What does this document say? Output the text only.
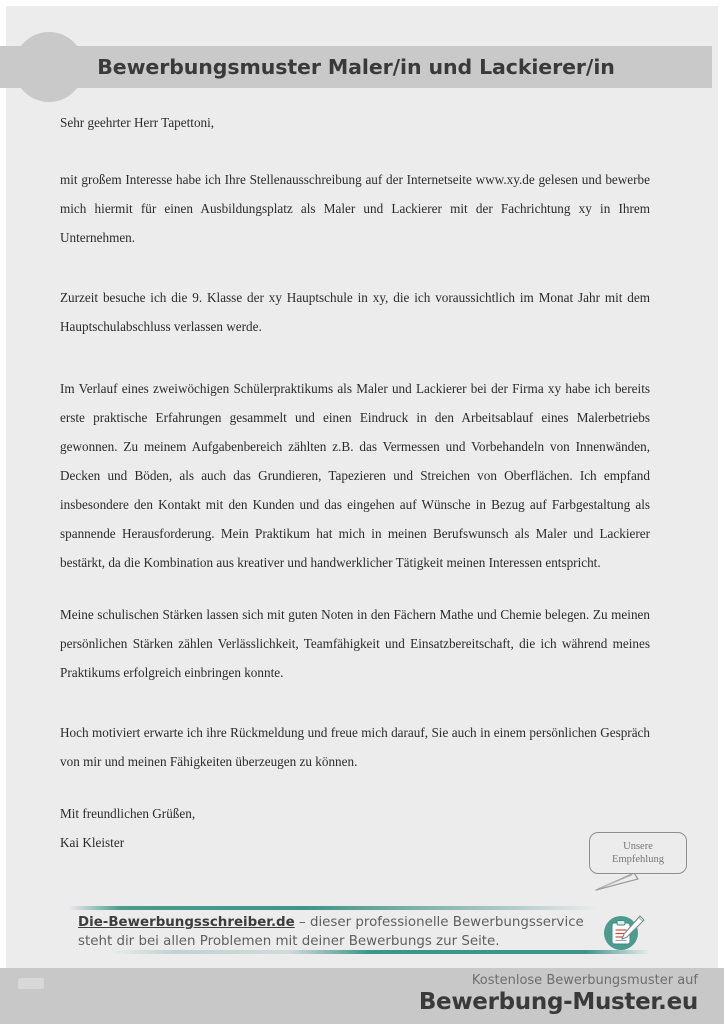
Bewerbungsmuster Maler/in und Lackierer/in

Sehr geehrter Herr Tapettoni,

mit großem Interesse habe ich Ihre Stellenausschreibung auf der Internetseite www.xy.de gelesen und bewerbe mich hiermit für einen Ausbildungsplatz als Maler und Lackierer mit der Fachrichtung xy in Ihrem Unternehmen.

Zurzeit besuche ich die 9. Klasse der xy Hauptschule in xy, die ich voraussichtlich im Monat Jahr mit dem Hauptschulabschluss verlassen werde.

Im Verlauf eines zweiwöchigen Schülerpraktikums als Maler und Lackierer bei der Firma xy habe ich bereits erste praktische Erfahrungen gesammelt und einen Eindruck in den Arbeitsablauf eines Malerbetriebs gewonnen. Zu meinem Aufgabenbereich zählten z.B. das Vermessen und Vorbehandeln von Innenwänden, Decken und Böden, als auch das Grundieren, Tapezieren und Streichen von Oberflächen. Ich empfand insbesondere den Kontakt mit den Kunden und das eingehen auf Wünsche in Bezug auf Farbgestaltung als spannende Herausforderung. Mein Praktikum hat mich in meinen Berufswunsch als Maler und Lackierer bestärkt, da die Kombination aus kreativer und handwerklicher Tätigkeit meinen Interessen entspricht.

Meine schulischen Stärken lassen sich mit guten Noten in den Fächern Mathe und Chemie belegen. Zu meinen persönlichen Stärken zählen Verlässlichkeit, Teamfähigkeit und Einsatzbereitschaft, die ich während meines Praktikums erfolgreich einbringen konnte.

Hoch motiviert erwarte ich ihre Rückmeldung und freue mich darauf, Sie auch in einem persönlichen Gespräch von mir und meinen Fähigkeiten überzeugen zu können.

Mit freundlichen Grüßen,

Kai Kleister	Unsere
Empfehlung
Die-Bewerbungsschreiber.de – dieser professionelle Bewerbungsservice steht dir bei allen Problemen mit deiner Bewerbungs zur Seite.
Kostenlose Bewerbungsmuster auf
Bewerbung-Muster.eu
